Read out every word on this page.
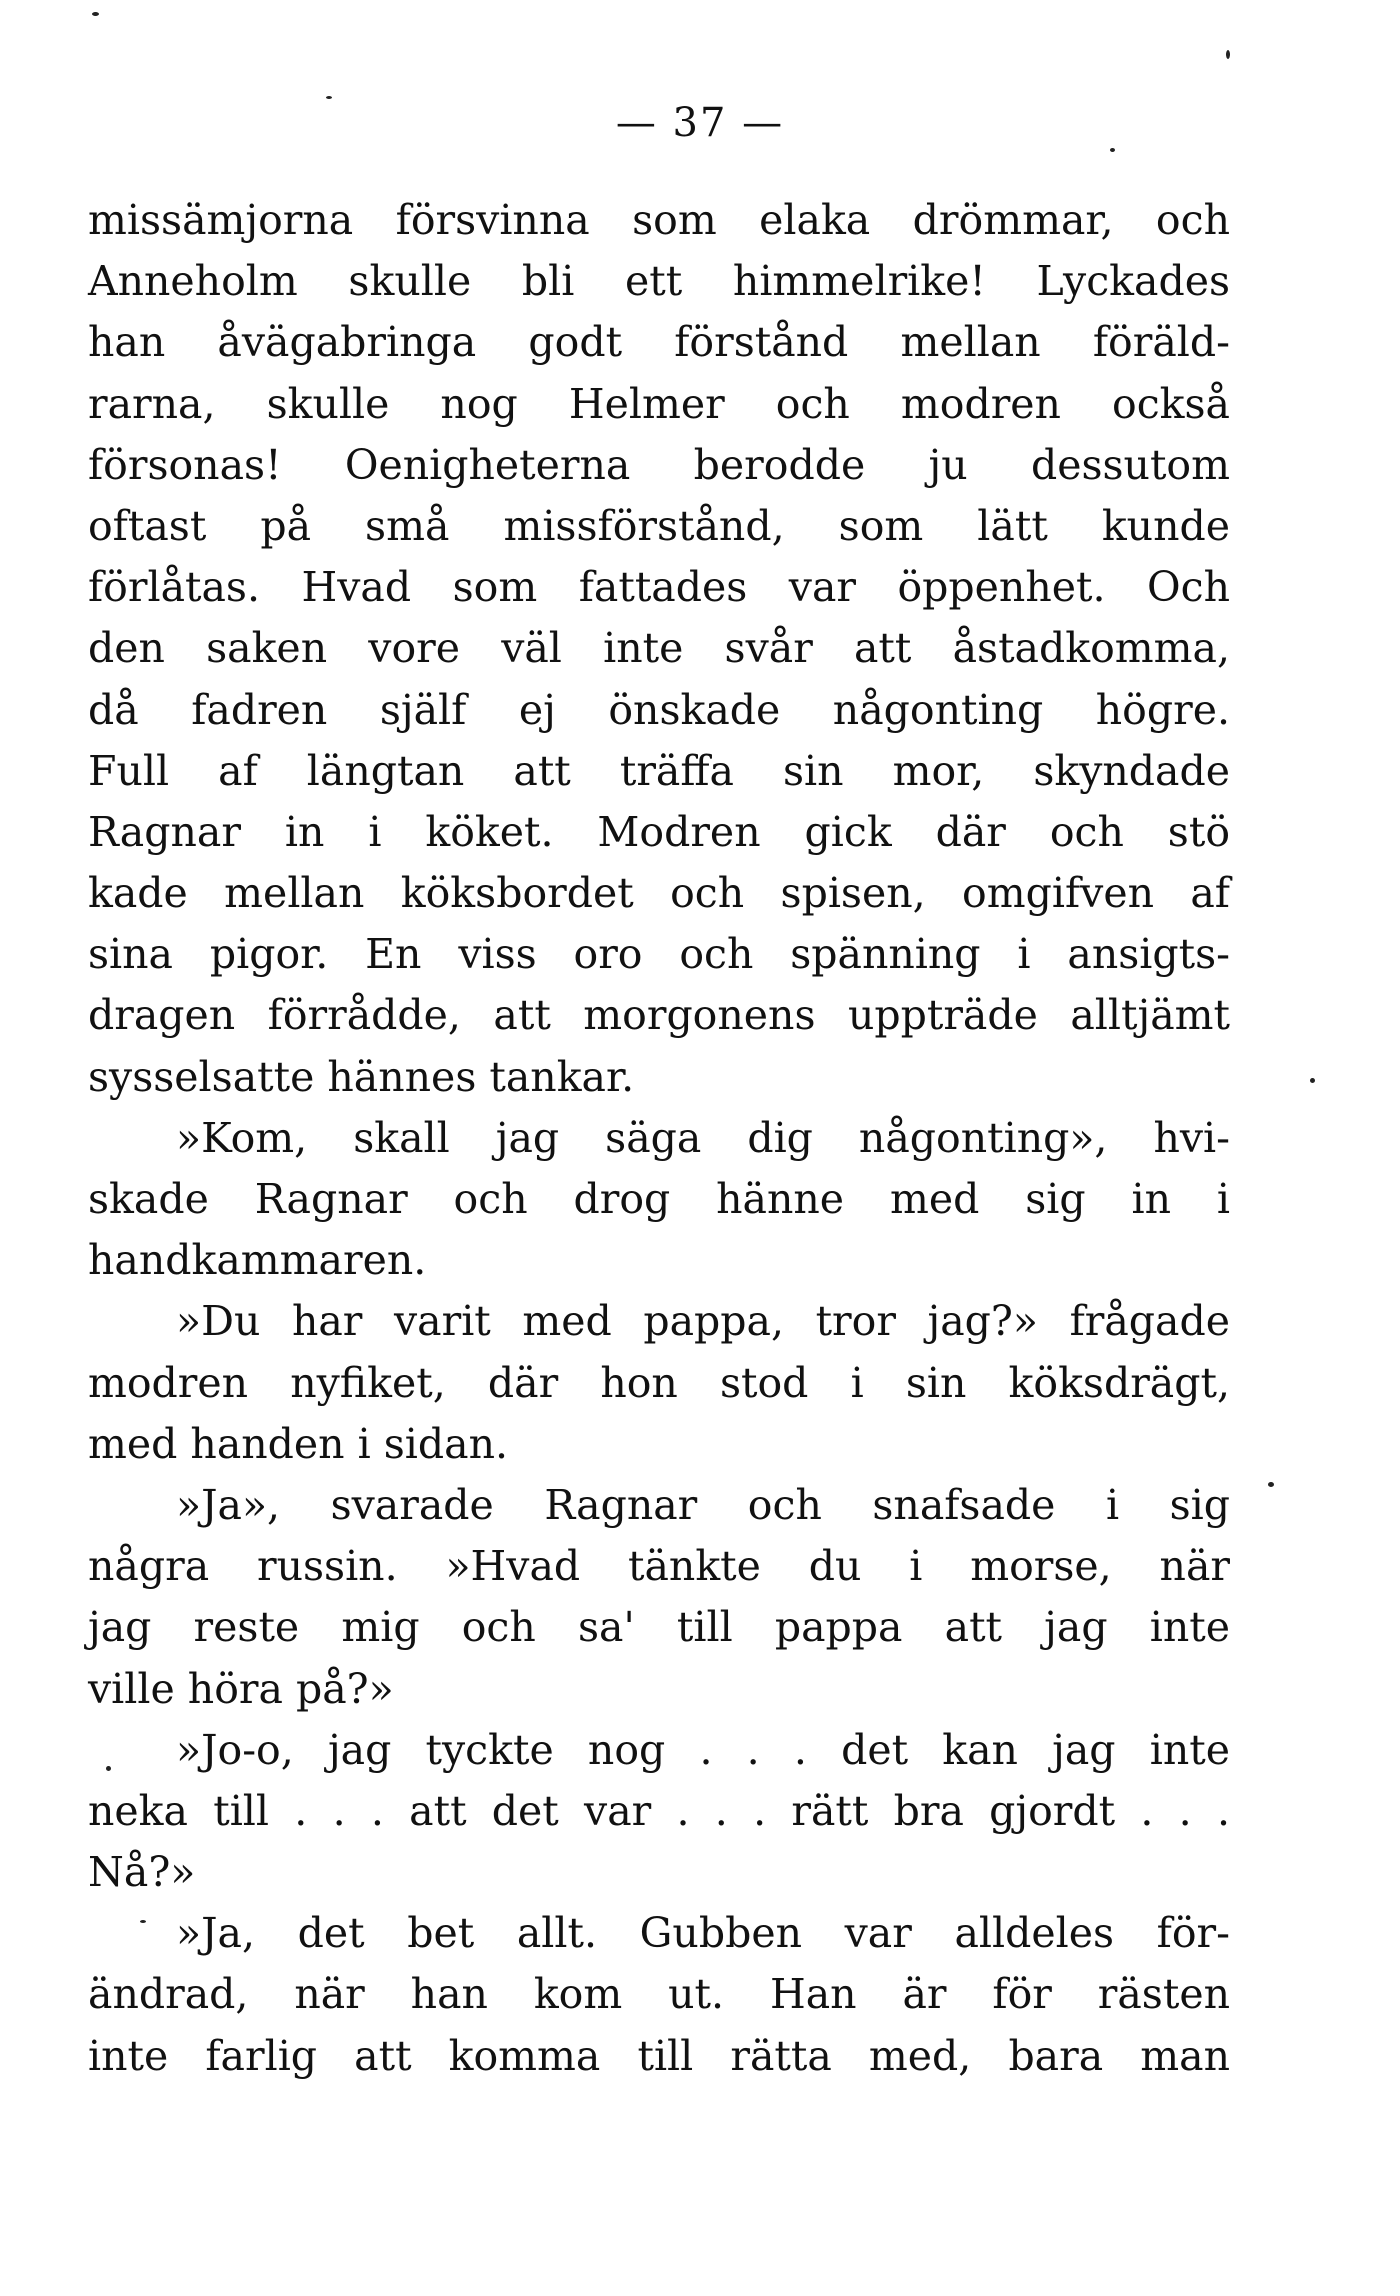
— 37 —
missämjorna försvinna som elaka drömmar, och
Anneholm skulle bli ett himmelrike! Lyckades
han åvägabringa godt förstånd mellan föräld-
rarna, skulle nog Helmer och modren också
försonas! Oenigheterna berodde ju dessutom
oftast på små missförstånd, som lätt kunde
förlåtas. Hvad som fattades var öppenhet. Och
den saken vore väl inte svår att åstadkomma,
då fadren själf ej önskade någonting högre.
Full af längtan att träffa sin mor, skyndade
Ragnar in i köket. Modren gick där och stö
kade mellan köksbordet och spisen, omgifven af
sina pigor. En viss oro och spänning i ansigts-
dragen förrådde, att morgonens uppträde alltjämt
sysselsatte hännes tankar.
»Kom, skall jag säga dig någonting», hvi-
skade Ragnar och drog hänne med sig in i
handkammaren.
»Du har varit med pappa, tror jag?» frågade
modren nyfiket, där hon stod i sin köksdrägt,
med handen i sidan.
»Ja», svarade Ragnar och snafsade i sig
några russin. »Hvad tänkte du i morse, när
jag reste mig och sa' till pappa att jag inte
ville höra på?»
»Jo-o, jag tyckte nog . . . det kan jag inte
neka till . . . att det var . . . rätt bra gjordt . . .
Nå?»
»Ja, det bet allt. Gubben var alldeles för-
ändrad, när han kom ut. Han är för rästen
inte farlig att komma till rätta med, bara man
